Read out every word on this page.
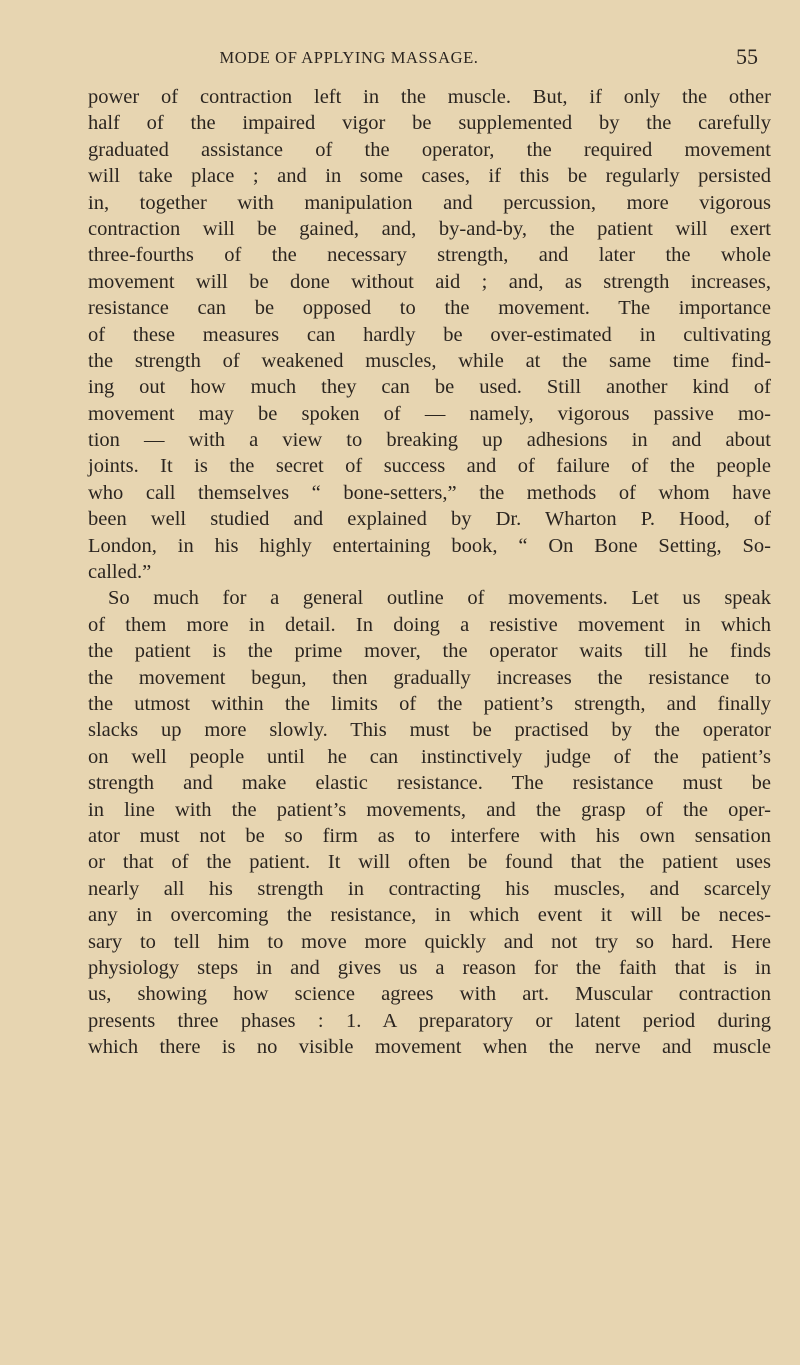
MODE OF APPLYING MASSAGE.	55
power of contraction left in the muscle. But, if only the other
half of the impaired vigor be supplemented by the carefully
graduated assistance of the operator, the required movement
will take place ; and in some cases, if this be regularly persisted
in, together with manipulation and percussion, more vigorous
contraction will be gained, and, by-and-by, the patient will exert
three-fourths of the necessary strength, and later the whole
movement will be done without aid ; and, as strength increases,
resistance can be opposed to the movement. The importance
of these measures can hardly be over-estimated in cultivating
the strength of weakened muscles, while at the same time find-
ing out how much they can be used. Still another kind of
movement may be spoken of — namely, vigorous passive mo-
tion — with a view to breaking up adhesions in and about
joints. It is the secret of success and of failure of the people
who call themselves “ bone-setters,” the methods of whom have
been well studied and explained by Dr. Wharton P. Hood, of
London, in his highly entertaining book, “ On Bone Setting, So-
called.”
So much for a general outline of movements. Let us speak
of them more in detail. In doing a resistive movement in which
the patient is the prime mover, the operator waits till he finds
the movement begun, then gradually increases the resistance to
the utmost within the limits of the patient’s strength, and finally
slacks up more slowly. This must be practised by the operator
on well people until he can instinctively judge of the patient’s
strength and make elastic resistance. The resistance must be
in line with the patient’s movements, and the grasp of the oper-
ator must not be so firm as to interfere with his own sensation
or that of the patient. It will often be found that the patient uses
nearly all his strength in contracting his muscles, and scarcely
any in overcoming the resistance, in which event it will be neces-
sary to tell him to move more quickly and not try so hard. Here
physiology steps in and gives us a reason for the faith that is in
us, showing how science agrees with art. Muscular contraction
presents three phases : 1. A preparatory or latent period during
which there is no visible movement when the nerve and muscle
